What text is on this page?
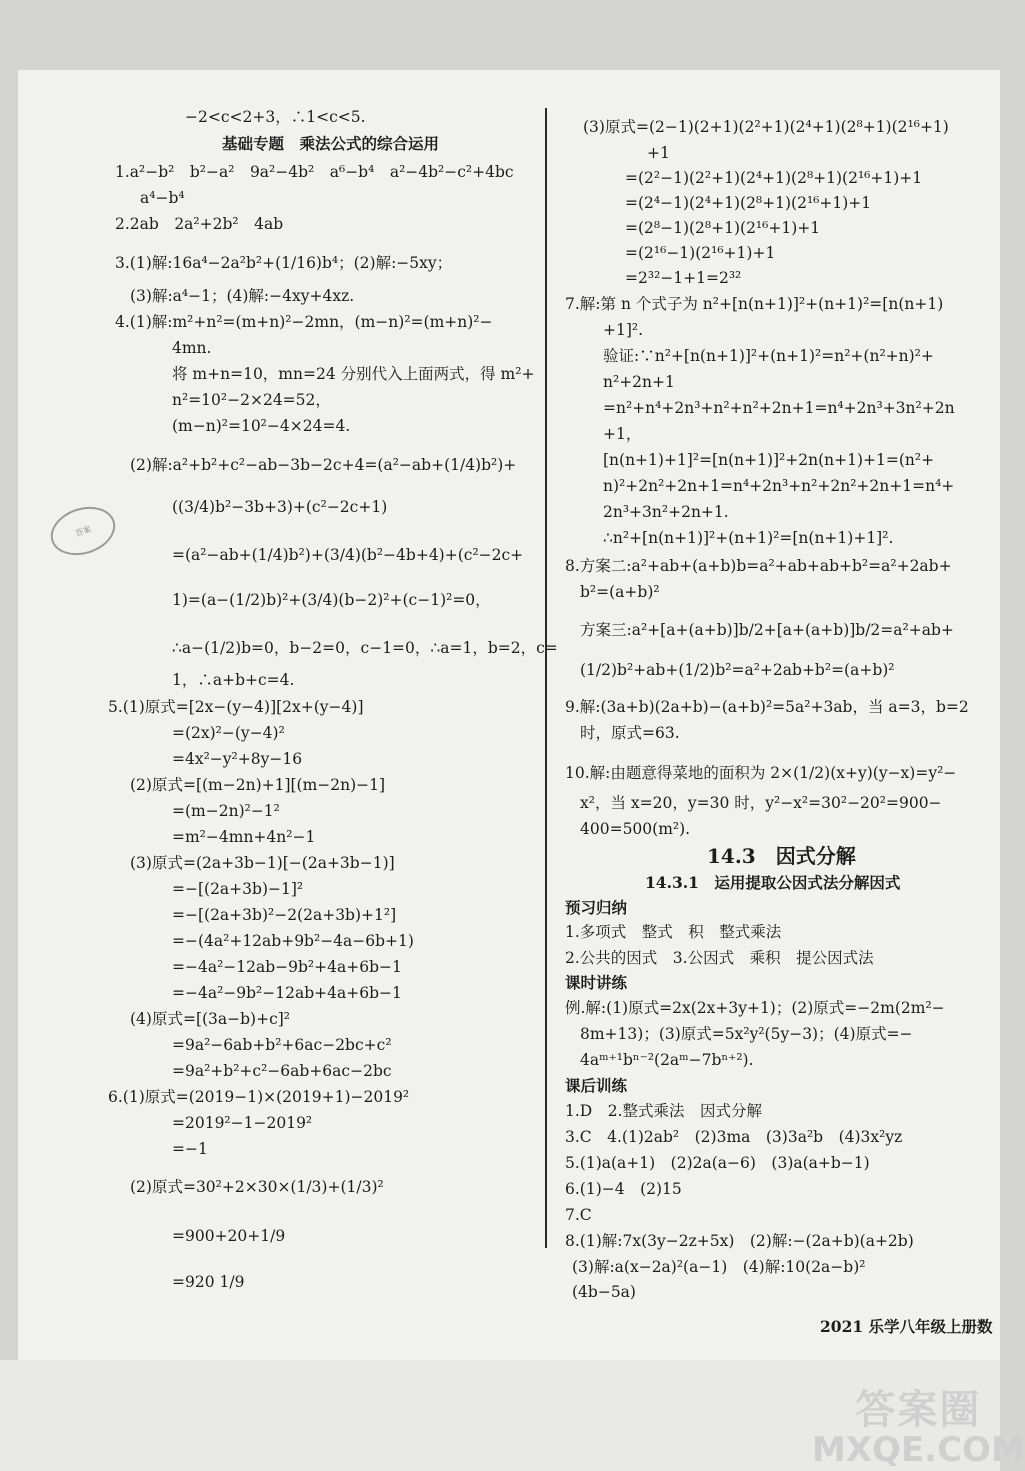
答案
−2<c<2+3，∴1<c<5.
基础专题　乘法公式的综合运用
1.a²−b²　b²−a²　9a²−4b²　a⁶−b⁴　a²−4b²−c²+4bc
a⁴−b⁴
2.2ab　2a²+2b²　4ab
3.(1)解:16a⁴−2a²b²+(1/16)b⁴；(2)解:−5xy；
(3)解:a⁴−1；(4)解:−4xy+4xz.
4.(1)解:m²+n²=(m+n)²−2mn，(m−n)²=(m+n)²−
4mn.
将 m+n=10，mn=24 分别代入上面两式，得 m²+
n²=10²−2×24=52，
(m−n)²=10²−4×24=4.
(2)解:a²+b²+c²−ab−3b−2c+4=(a²−ab+(1/4)b²)+
((3/4)b²−3b+3)+(c²−2c+1)
=(a²−ab+(1/4)b²)+(3/4)(b²−4b+4)+(c²−2c+
1)=(a−(1/2)b)²+(3/4)(b−2)²+(c−1)²=0，
∴a−(1/2)b=0，b−2=0，c−1=0，∴a=1，b=2，c=
1，∴a+b+c=4.
5.(1)原式=[2x−(y−4)][2x+(y−4)]
=(2x)²−(y−4)²
=4x²−y²+8y−16
(2)原式=[(m−2n)+1][(m−2n)−1]
=(m−2n)²−1²
=m²−4mn+4n²−1
(3)原式=(2a+3b−1)[−(2a+3b−1)]
=−[(2a+3b)−1]²
=−[(2a+3b)²−2(2a+3b)+1²]
=−(4a²+12ab+9b²−4a−6b+1)
=−4a²−12ab−9b²+4a+6b−1
=−4a²−9b²−12ab+4a+6b−1
(4)原式=[(3a−b)+c]²
=9a²−6ab+b²+6ac−2bc+c²
=9a²+b²+c²−6ab+6ac−2bc
6.(1)原式=(2019−1)×(2019+1)−2019²
=2019²−1−2019²
=−1
(2)原式=30²+2×30×(1/3)+(1/3)²
=900+20+1/9
=920 1/9
(3)原式=(2−1)(2+1)(2²+1)(2⁴+1)(2⁸+1)(2¹⁶+1)
+1
=(2²−1)(2²+1)(2⁴+1)(2⁸+1)(2¹⁶+1)+1
=(2⁴−1)(2⁴+1)(2⁸+1)(2¹⁶+1)+1
=(2⁸−1)(2⁸+1)(2¹⁶+1)+1
=(2¹⁶−1)(2¹⁶+1)+1
=2³²−1+1=2³²
7.解:第 n 个式子为 n²+[n(n+1)]²+(n+1)²=[n(n+1)
+1]².
验证:∵n²+[n(n+1)]²+(n+1)²=n²+(n²+n)²+
n²+2n+1
=n²+n⁴+2n³+n²+n²+2n+1=n⁴+2n³+3n²+2n
+1，
[n(n+1)+1]²=[n(n+1)]²+2n(n+1)+1=(n²+
n)²+2n²+2n+1=n⁴+2n³+n²+2n²+2n+1=n⁴+
2n³+3n²+2n+1.
∴n²+[n(n+1)]²+(n+1)²=[n(n+1)+1]².
8.方案二:a²+ab+(a+b)b=a²+ab+ab+b²=a²+2ab+
b²=(a+b)²
方案三:a²+[a+(a+b)]b/2+[a+(a+b)]b/2=a²+ab+
(1/2)b²+ab+(1/2)b²=a²+2ab+b²=(a+b)²
9.解:(3a+b)(2a+b)−(a+b)²=5a²+3ab，当 a=3，b=2
时，原式=63.
10.解:由题意得菜地的面积为 2×(1/2)(x+y)(y−x)=y²−
x²，当 x=20，y=30 时，y²−x²=30²−20²=900−
400=500(m²).
14.3　因式分解
14.3.1　运用提取公因式法分解因式
预习归纳
1.多项式　整式　积　整式乘法
2.公共的因式　3.公因式　乘积　提公因式法
课时讲练
例.解:(1)原式=2x(2x+3y+1)；(2)原式=−2m(2m²−
8m+13)；(3)原式=5x²y²(5y−3)；(4)原式=−
4aᵐ⁺¹bⁿ⁻²(2aᵐ−7bⁿ⁺²).
课后训练
1.D　2.整式乘法　因式分解
3.C　4.(1)2ab²　(2)3ma　(3)3a²b　(4)3x²yz
5.(1)a(a+1)　(2)2a(a−6)　(3)a(a+b−1)
6.(1)−4　(2)15
7.C
8.(1)解:7x(3y−2z+5x)　(2)解:−(2a+b)(a+2b)
(3)解:a(x−2a)²(a−1)　(4)解:10(2a−b)²
(4b−5a)
2021 乐学八年级上册数
答案圈
MXQE.COM
